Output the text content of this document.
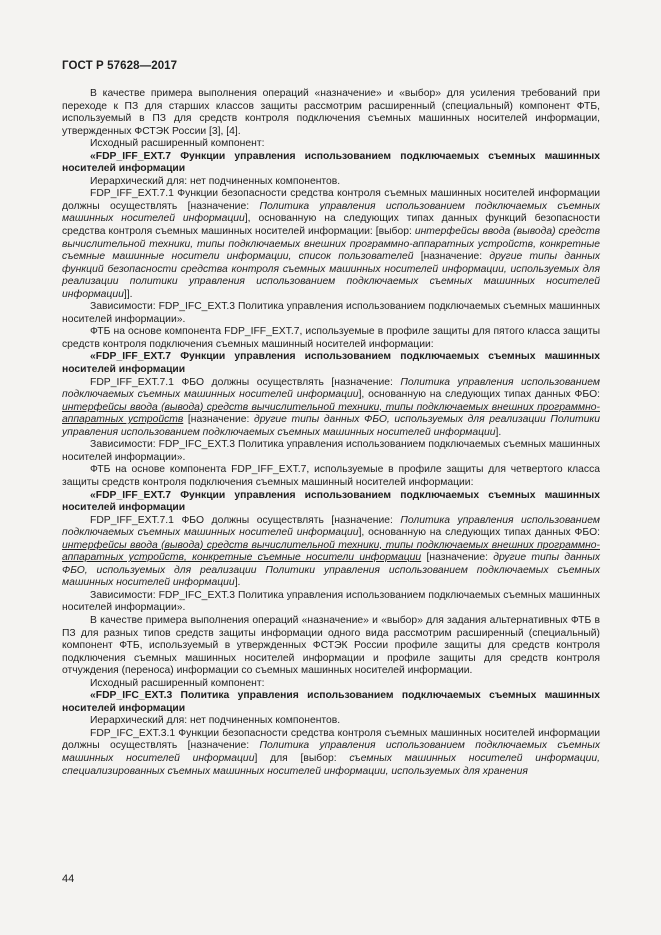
ГОСТ Р 57628—2017

В качестве примера выполнения операций «назначение» и «выбор» для усиления требований при переходе к ПЗ для старших классов защиты рассмотрим расширенный (специальный) компонент ФТБ, используемый в ПЗ для средств контроля подключения съемных машинных носителей информации, утвержденных ФСТЭК России [3], [4].

Исходный расширенный компонент:

«FDP_IFF_EXT.7 Функции управления использованием подключаемых съемных машинных носителей информации

Иерархический для: нет подчиненных компонентов.

FDP_IFF_EXT.7.1 Функции безопасности средства контроля съемных машинных носителей информации должны осуществлять [назначение: Политика управления использованием подключаемых съемных машинных носителей информации], основанную на следующих типах данных функций безопасности средства контроля съемных машинных носителей информации: [выбор: интерфейсы ввода (вывода) средств вычислительной техники, типы подключаемых внешних программно-аппаратных устройств, конкретные съемные машинные носители информации, список пользователей [назначение: другие типы данных функций безопасности средства контроля съемных машинных носителей информации, используемых для реализации политики управления использованием подключаемых съемных машинных носителей информации]].

Зависимости: FDP_IFC_EXT.3 Политика управления использованием подключаемых съемных машинных носителей информации».

ФТБ на основе компонента FDP_IFF_EXT.7, используемые в профиле защиты для пятого класса защиты средств контроля подключения съемных машинный носителей информации:

«FDP_IFF_EXT.7 Функции управления использованием подключаемых съемных машинных носителей информации

FDP_IFF_EXT.7.1 ФБО должны осуществлять [назначение: Политика управления использованием подключаемых съемных машинных носителей информации], основанную на следующих типах данных ФБО: интерфейсы ввода (вывода) средств вычислительной техники, типы подключаемых внешних программно-аппаратных устройств [назначение: другие типы данных ФБО, используемых для реализации Политики управления использованием подключаемых съемных машинных носителей информации].

Зависимости: FDP_IFC_EXT.3 Политика управления использованием подключаемых съемных машинных носителей информации».

ФТБ на основе компонента FDP_IFF_EXT.7, используемые в профиле защиты для четвертого класса защиты средств контроля подключения съемных машинный носителей информации:

«FDP_IFF_EXT.7 Функции управления использованием подключаемых съемных машинных носителей информации

FDP_IFF_EXT.7.1 ФБО должны осуществлять [назначение: Политика управления использованием подключаемых съемных машинных носителей информации], основанную на следующих типах данных ФБО: интерфейсы ввода (вывода) средств вычислительной техники, типы подключаемых внешних программно-аппаратных устройств, конкретные съемные носители информации [назначение: другие типы данных ФБО, используемых для реализации Политики управления использованием подключаемых съемных машинных носителей информации].

Зависимости: FDP_IFC_EXT.3 Политика управления использованием подключаемых съемных машинных носителей информации».

В качестве примера выполнения операций «назначение» и «выбор» для задания альтернативных ФТБ в ПЗ для разных типов средств защиты информации одного вида рассмотрим расширенный (специальный) компонент ФТБ, используемый в утвержденных ФСТЭК России профиле защиты для средств контроля подключения съемных машинных носителей информации и профиле защиты для средств контроля отчуждения (переноса) информации со съемных машинных носителей информации.

Исходный расширенный компонент:

«FDP_IFC_EXT.3 Политика управления использованием подключаемых съемных машинных носителей информации

Иерархический для: нет подчиненных компонентов.

FDP_IFC_EXT.3.1 Функции безопасности средства контроля съемных машинных носителей информации должны осуществлять [назначение: Политика управления использованием подключаемых съемных машинных носителей информации] для [выбор: съемных машинных носителей информации, специализированных съемных машинных носителей информации, используемых для хранения

44
